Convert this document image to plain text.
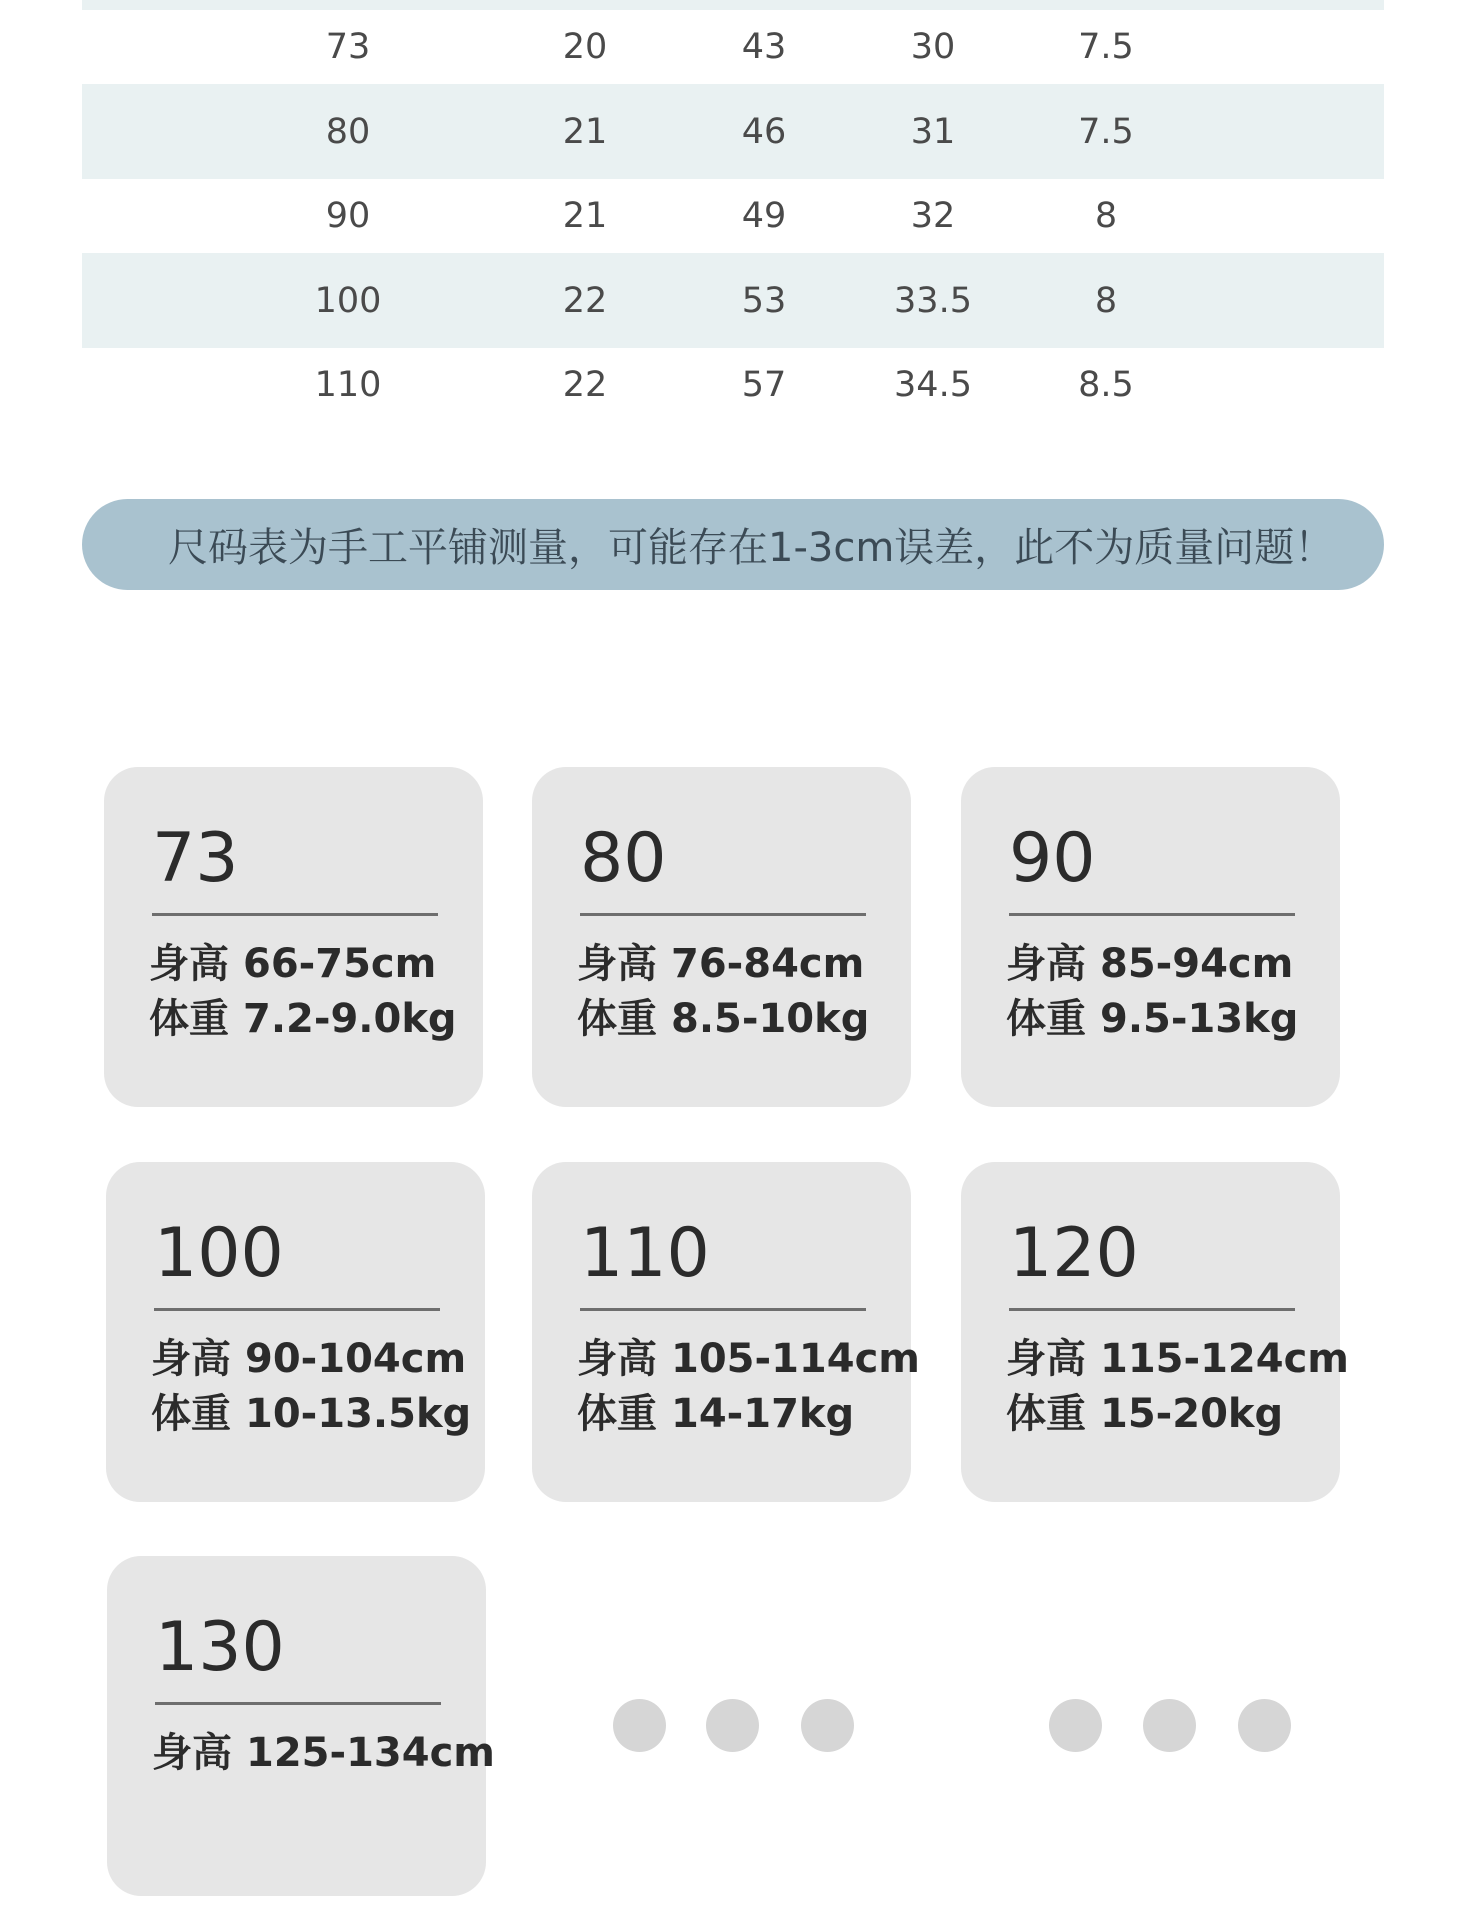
73	20	43	30	7.5
80	21	46	31	7.5
90	21	49	32	8
100	22	53	33.5	8
110	22	57	34.5	8.5
尺码表为手工平铺测量，可能存在1-3cm误差，此不为质量问题！
73
身高 66-75cm
体重 7.2-9.0kg
80
身高 76-84cm
体重 8.5-10kg
90
身高 85-94cm
体重 9.5-13kg
100
身高 90-104cm
体重 10-13.5kg
110
身高 105-114cm
体重 14-17kg
120
身高 115-124cm
体重 15-20kg
130
身高 125-134cm
